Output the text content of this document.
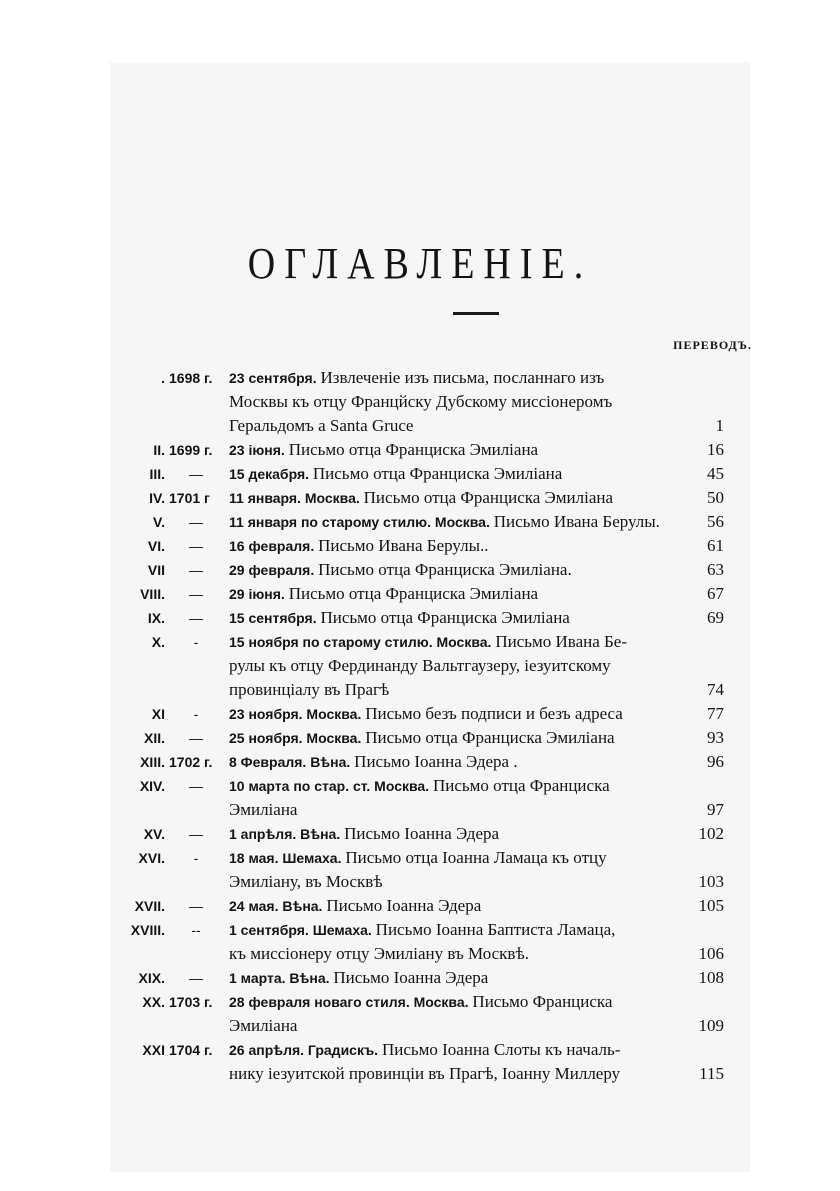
ОГЛАВЛЕНІЕ.
ПЕРЕВОДЪ.
. 1698 г. 23 сентября. Извлеченіе изъ письма, посланнаго изъ
Москвы къ отцу Францйску Дубскому миссіонеромъ
Геральдомъ a Santa Gruce	1
II. 1699 г. 23 іюня. Письмо отца Франциска Эмиліана	16
III. — 15 декабря. Письмо отца Франциска Эмиліана	45
IV. 1701 г 11 января. Москва. Письмо отца Франциска Эмиліана	50
V. — 11 января по старому стилю. Москва. Письмо Ивана Берулы.	56
VI. — 16 февраля. Письмо Ивана Берулы..	61
VII — 29 февраля. Письмо отца Франциска Эмиліана.	63
VIII. — 29 іюня. Письмо отца Франциска Эмиліана	67
IX. — 15 сентября. Письмо отца Франциска Эмиліана	69
X.	-	15 ноября по старому стилю. Москва. Письмо Ивана Бе-
рулы къ отцу Фердинанду Вальтгаузеру, іезуитскому
провинціалу въ Прагѣ	74
XI	-	23 ноября. Москва. Письмо безъ подписи и безъ адреса	77
XII. — 25 ноября. Москва. Письмо отца Франциска Эмиліана	93
XIII. 1702 г. 8 Февраля. Вѣна. Письмо Іоанна Эдера .	96
XIV. — 10 марта по стар. ст. Москва. Письмо отца Франциска
Эмиліана	97
XV. — 1 апрѣля. Вѣна. Письмо Іоанна Эдера	102
XVI.	-	18 мая. Шемаха. Письмо отца Іоанна Ламаца къ отцу
Эмиліану, въ Москвѣ	103
XVII. — 24 мая. Вѣна. Письмо Іоанна Эдера	105
XVIII.	--	1 сентября. Шемаха. Письмо Іоанна Баптиста Ламаца,
къ миссіонеру отцу Эмиліану въ Москвѣ.	106
XIX. — 1 марта. Вѣна. Письмо Іоанна Эдера	108
XX. 1703 г. 28 февраля новаго стиля. Москва. Письмо Франциска
Эмиліана	109
XXI 1704 г. 26 апрѣля. Градискъ. Письмо Іоанна Слоты къ началь-
нику іезуитской провинціи въ Прагѣ, Іоанну Миллеру	115
